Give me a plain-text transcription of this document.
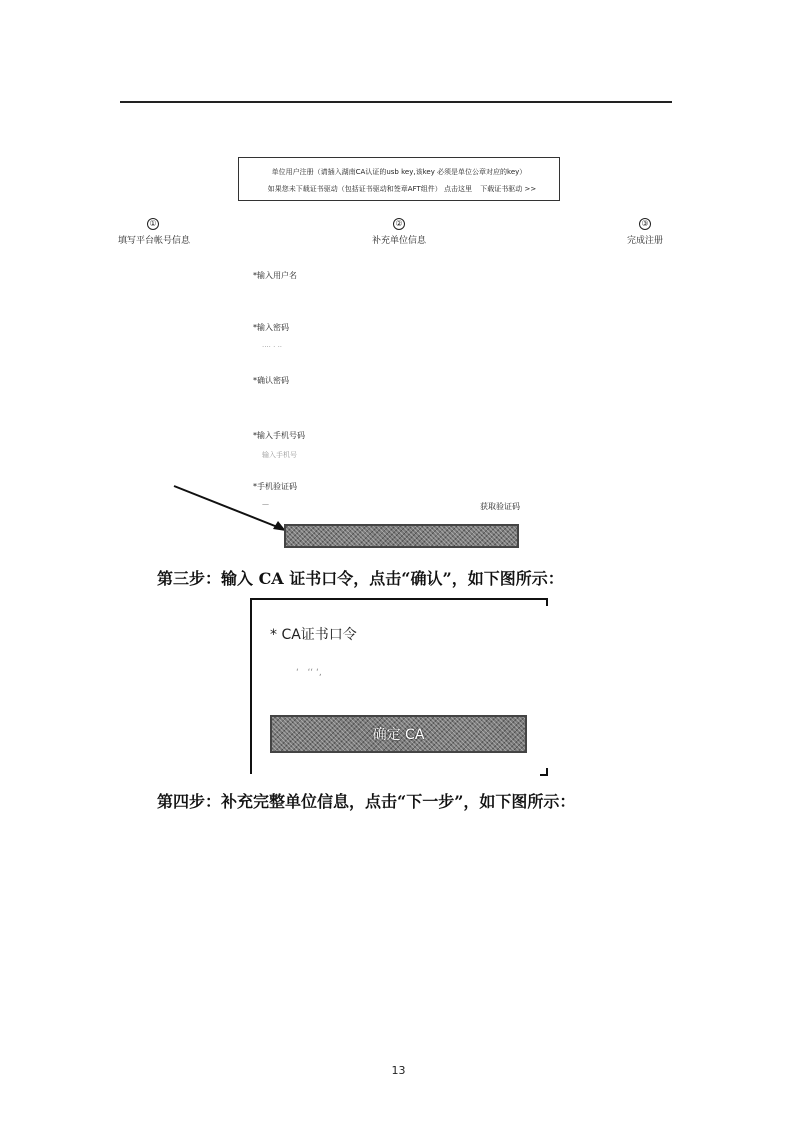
单位用户注册（请插入湖南CA认证的usb key,该key 必须是单位公章对应的key）
如果您未下载证书驱动（包括证书驱动和签章AFT组件） 点击这里 下载证书驱动 >>
①
填写平台帐号信息
②
补充单位信息
③
完成注册
*输入用户名
*输入密码
···· · ··
*确认密码
*输入手机号码
输入手机号
*手机验证码
—	获取验证码
第三步：输入 CA 证书口令，点击“确认”，如下图所示：
* CA证书口令
‘   ‘‘ ‘,
确定 CA
第四步：补充完整单位信息，点击“下一步”，如下图所示：
13
